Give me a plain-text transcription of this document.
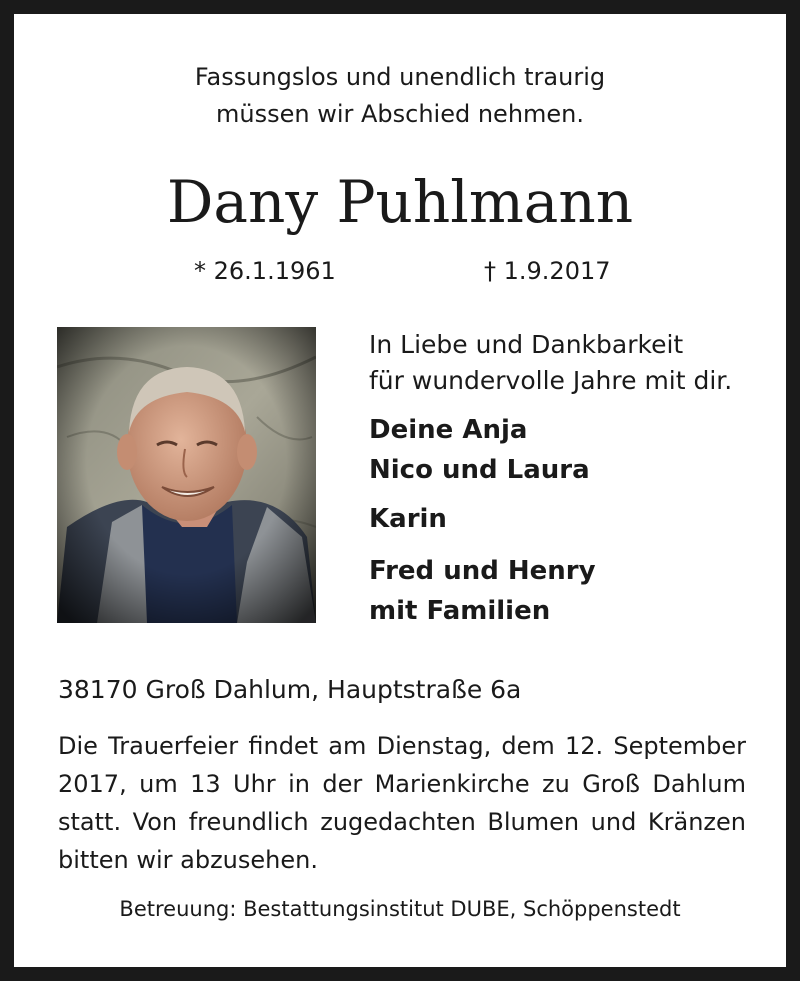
Fassungslos und unendlich traurig
müssen wir Abschied nehmen.
Dany Puhlmann
* 26.1.1961	† 1.9.2017
In Liebe und Dankbarkeit
für wundervolle Jahre mit dir.
Deine Anja
Nico und Laura
Karin
Fred und Henry
mit Familien
38170 Groß Dahlum, Hauptstraße 6a
Die Trauerfeier findet am Dienstag, dem 12. September 2017, um 13 Uhr in der Marienkirche zu Groß Dahlum statt. Von freundlich zugedachten Blumen und Kränzen bitten wir abzusehen.
Betreuung: Bestattungsinstitut DUBE, Schöppenstedt
